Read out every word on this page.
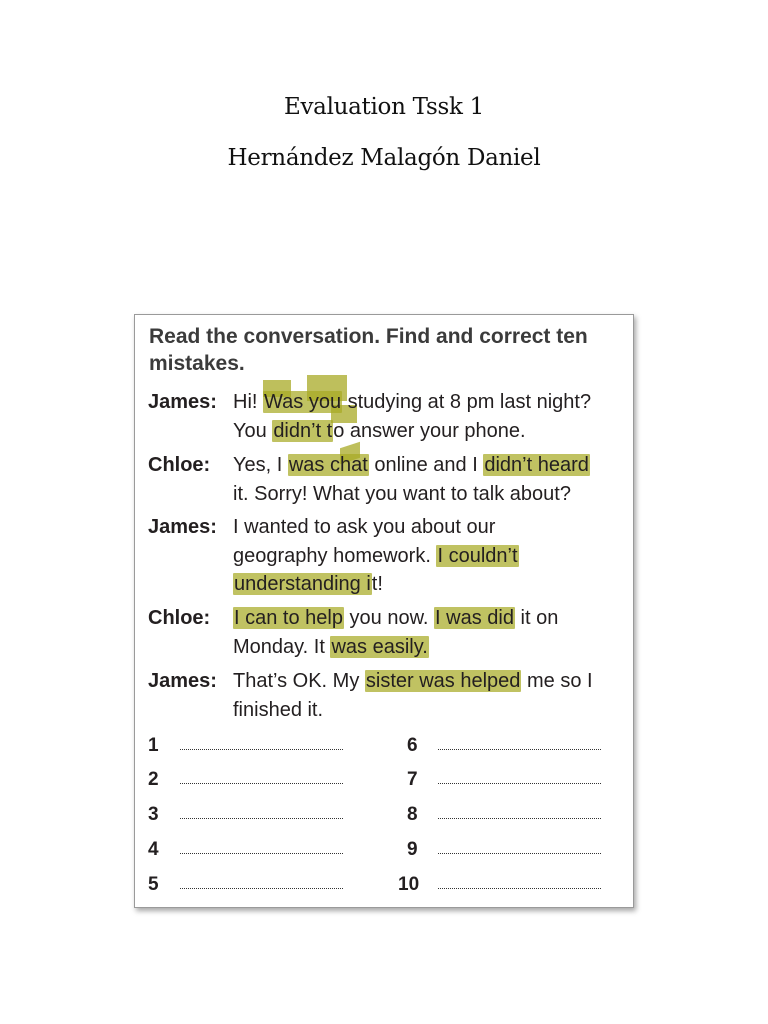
Evaluation Tssk 1
Hernández Malagón Daniel
Read the conversation. Find and correct ten mistakes.
James:
Chloe:
James:
Chloe:
James:
Hi! Was you studying at 8 pm last night?
You didn’t to answer your phone.
Yes, I was chat online and I didn’t heard
it. Sorry! What you want to talk about?
I wanted to ask you about our
geography homework. I couldn’t
understanding it!
I can to help you now. I was did it on
Monday. It was easily.
That’s OK. My sister was helped me so I
finished it.
1
2
3
4
5
6
7
8
9
10
